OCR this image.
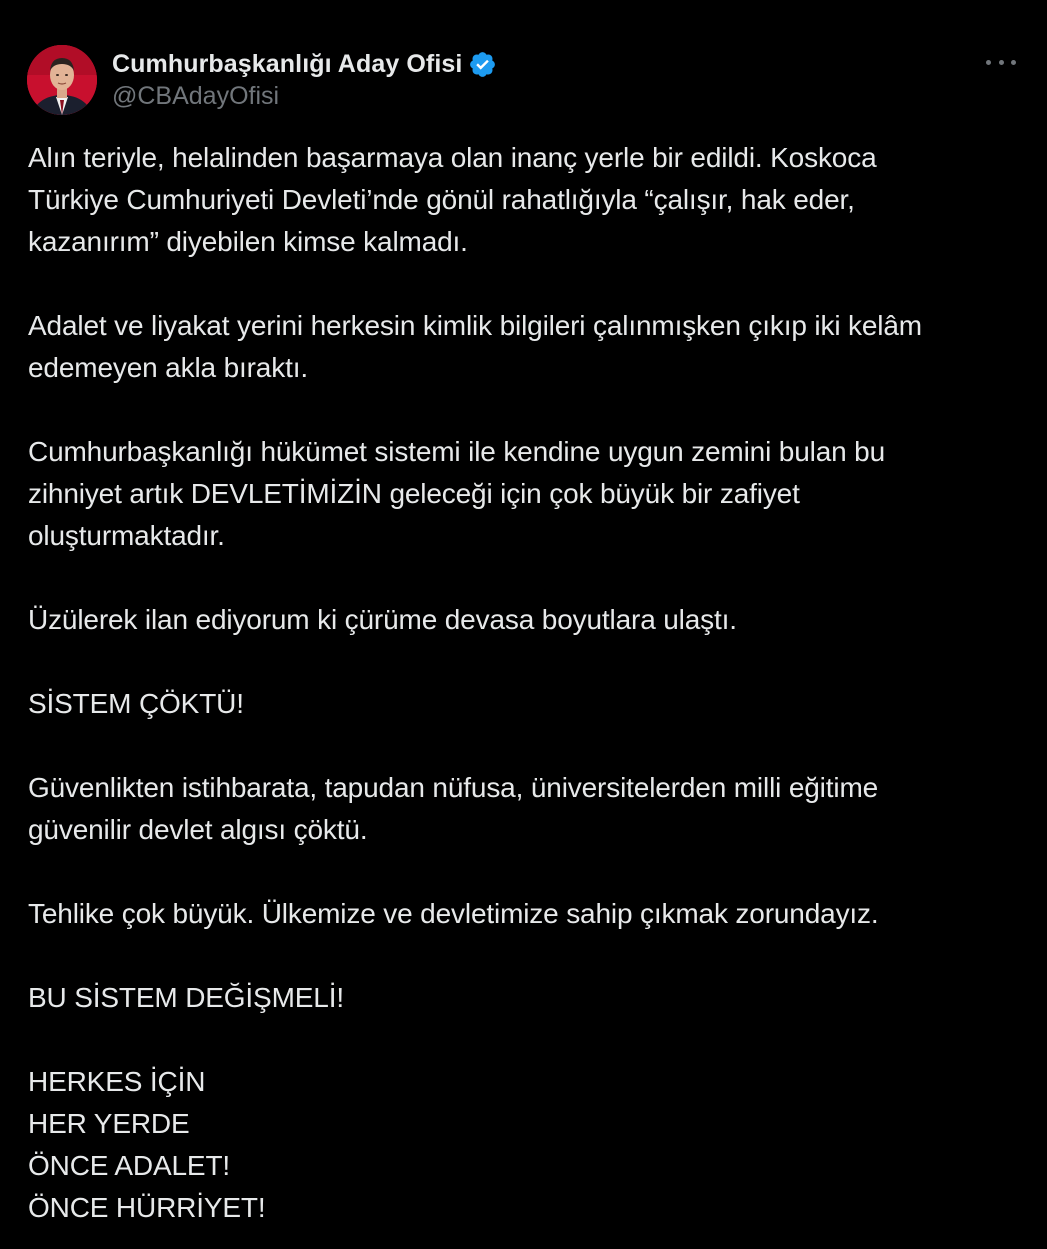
Cumhurbaşkanlığı Aday Ofisi
@CBAdayOfisi
Alın teriyle, helalinden başarmaya olan inanç yerle bir edildi. Koskoca
Türkiye Cumhuriyeti Devleti’nde gönül rahatlığıyla “çalışır, hak eder,
kazanırım” diyebilen kimse kalmadı.
Adalet ve liyakat yerini herkesin kimlik bilgileri çalınmışken çıkıp iki kelâm
edemeyen akla bıraktı.
Cumhurbaşkanlığı hükümet sistemi ile kendine uygun zemini bulan bu
zihniyet artık DEVLETİMİZİN geleceği için çok büyük bir zafiyet
oluşturmaktadır.
Üzülerek ilan ediyorum ki çürüme devasa boyutlara ulaştı.
SİSTEM ÇÖKTÜ!
Güvenlikten istihbarata, tapudan nüfusa, üniversitelerden milli eğitime
güvenilir devlet algısı çöktü.
Tehlike çok büyük. Ülkemize ve devletimize sahip çıkmak zorundayız.
BU SİSTEM DEĞİŞMELİ!
HERKES İÇİN
HER YERDE
ÖNCE ADALET!
ÖNCE HÜRRİYET!
